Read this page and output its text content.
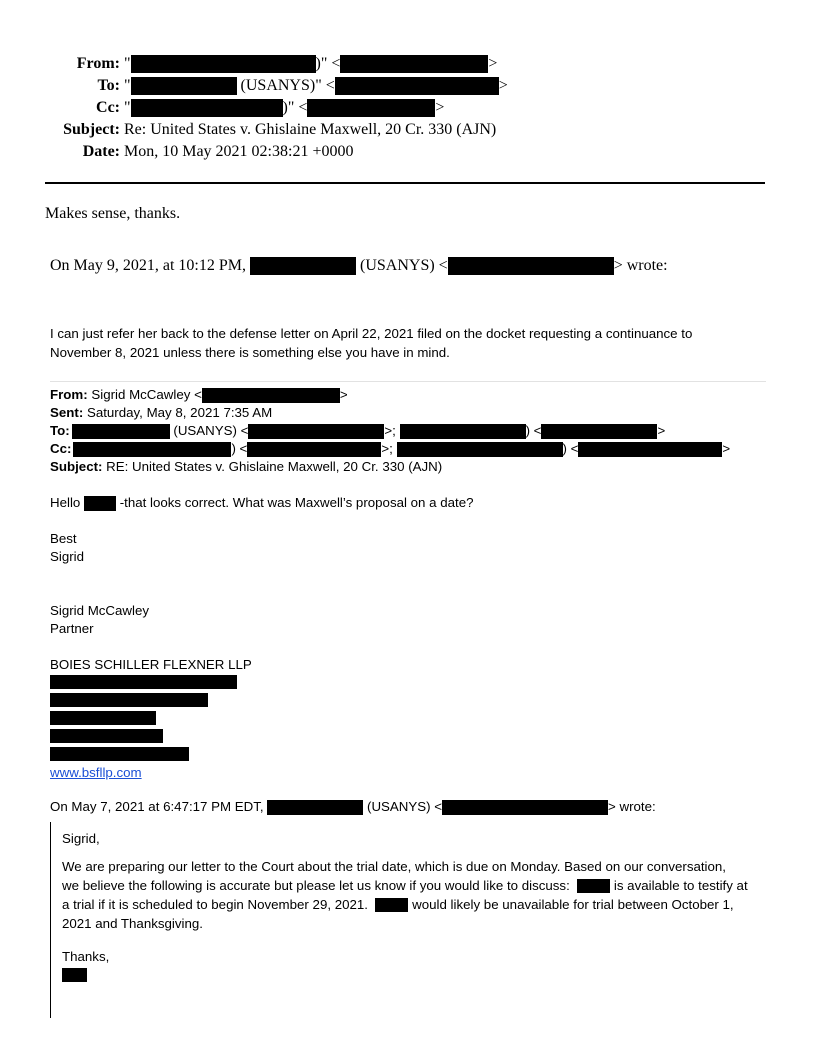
From: "	)" <	>
To: "	(USANYS)" <	>
Cc: "	)" <	>
Subject: Re: United States v. Ghislaine Maxwell, 20 Cr. 330 (AJN)
Date: Mon, 10 May 2021 02:38:21 +0000
Makes sense, thanks.
On May 9, 2021, at 10:12 PM,	(USANYS) <	> wrote:
I can just refer her back to the defense letter on April 22, 2021 filed on the docket requesting a continuance to
November 8, 2021 unless there is something else you have in mind.
From: Sigrid McCawley <	>
Sent: Saturday, May 8, 2021 7:35 AM
To:	(USANYS) <	>;	) <	>
Cc:	) <	>;	) <	>
Subject: RE: United States v. Ghislaine Maxwell, 20 Cr. 330 (AJN)
Hello	-that looks correct. What was Maxwell’s proposal on a date?
Best
Sigrid
Sigrid McCawley
Partner
BOIES SCHILLER FLEXNER LLP
www.bsfllp.com
On May 7, 2021 at 6:47:17 PM EDT,	(USANYS) <	> wrote:
Sigrid,
We are preparing our letter to the Court about the trial date, which is due on Monday. Based on our conversation,
we believe the following is accurate but please let us know if you would like to discuss:	is available to testify at
a trial if it is scheduled to begin November 29, 2021.	would likely be unavailable for trial between October 1,
2021 and Thanksgiving.
Thanks,
